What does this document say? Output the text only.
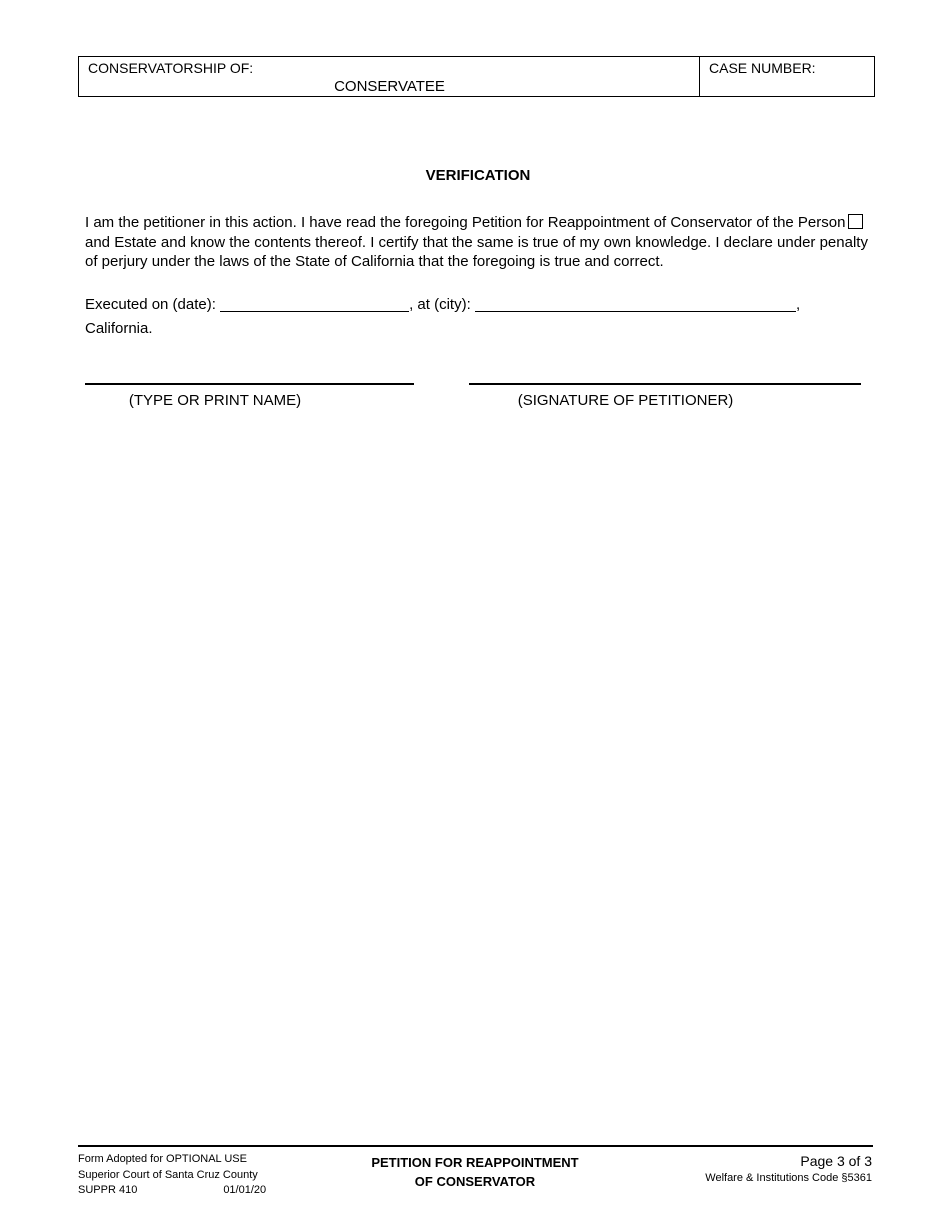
CONSERVATORSHIP OF:
CONSERVATEE
CASE NUMBER:
VERIFICATION
I am the petitioner in this action. I have read the foregoing Petition for Reappointment of Conservator of the Person and Estate and know the contents thereof. I certify that the same is true of my own knowledge. I declare under penalty of perjury under the laws of the State of California that the foregoing is true and correct.
Executed on (date):	, at (city):	,
California.
(TYPE OR PRINT NAME)	(SIGNATURE OF PETITIONER)
Form Adopted for OPTIONAL USE
Superior Court of Santa Cruz County
SUPPR 410	01/01/20
PETITION FOR REAPPOINTMENT
OF CONSERVATOR
Page 3 of 3
Welfare & Institutions Code §5361
